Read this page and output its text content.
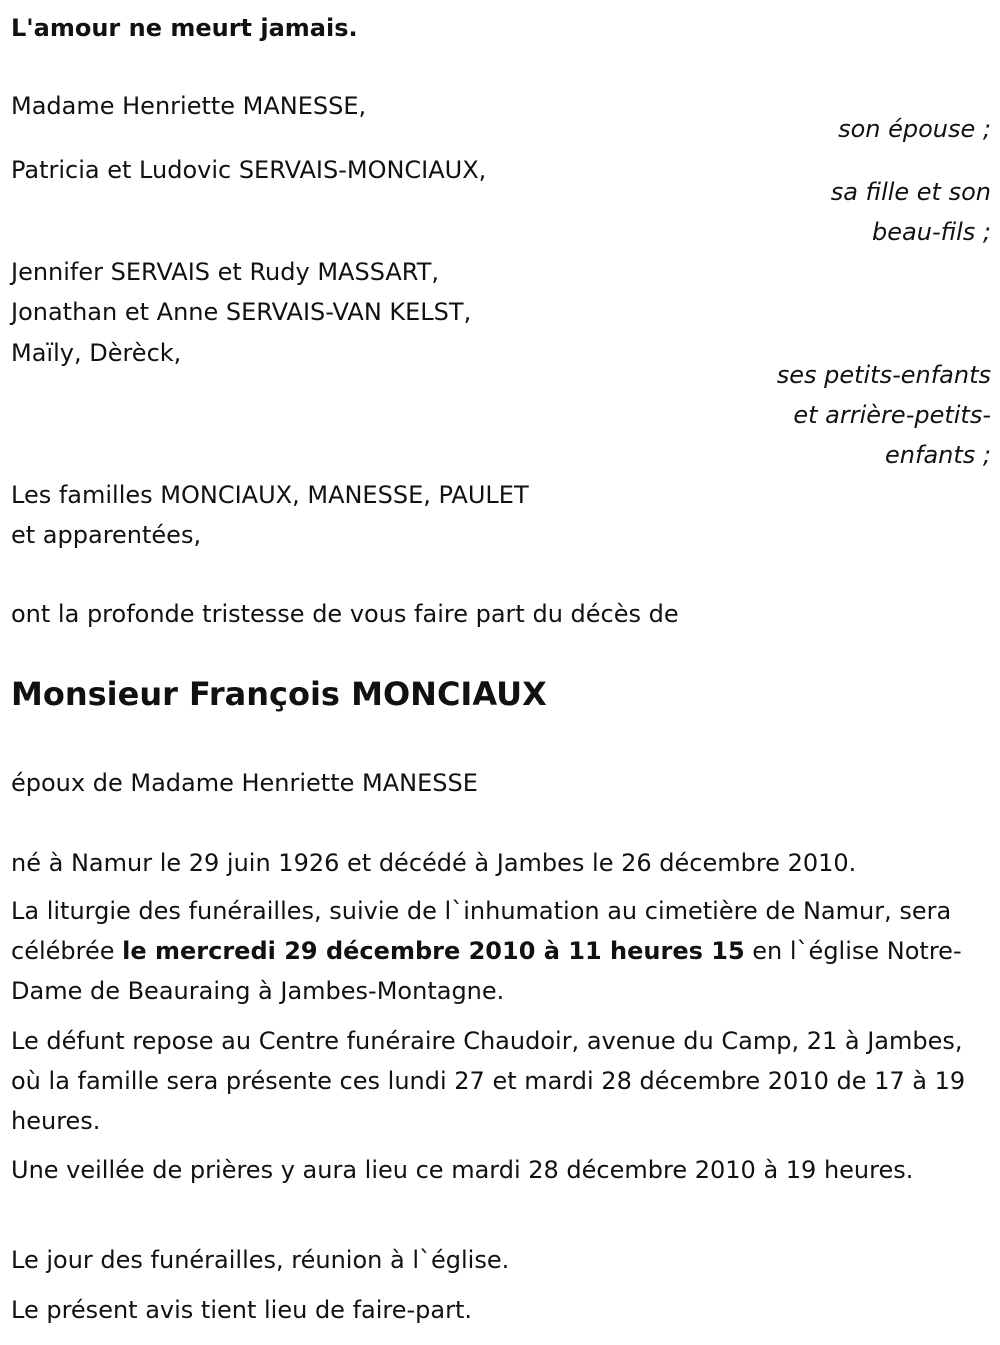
L'amour ne meurt jamais.
Madame Henriette MANESSE,
son épouse ;
Patricia et Ludovic SERVAIS-MONCIAUX,
sa fille et son
beau-fils ;
Jennifer SERVAIS et Rudy MASSART,
Jonathan et Anne SERVAIS-VAN KELST,
Maïly, Dèrèck,
ses petits-enfants
et arrière-petits-
enfants ;
Les familles MONCIAUX, MANESSE, PAULET
et apparentées,
ont la profonde tristesse de vous faire part du décès de
Monsieur François MONCIAUX
époux de Madame Henriette MANESSE
né à Namur le 29 juin 1926 et décédé à Jambes le 26 décembre 2010.
La liturgie des funérailles, suivie de l`inhumation au cimetière de Namur, sera célébrée le mercredi 29 décembre 2010 à 11 heures 15 en l`église Notre-Dame de Beauraing à Jambes-Montagne.
Le défunt repose au Centre funéraire Chaudoir, avenue du Camp, 21 à Jambes, où la famille sera présente ces lundi 27 et mardi 28 décembre 2010 de 17 à 19 heures.
Une veillée de prières y aura lieu ce mardi 28 décembre 2010 à 19 heures.
Le jour des funérailles, réunion à l`église.
Le présent avis tient lieu de faire-part.
